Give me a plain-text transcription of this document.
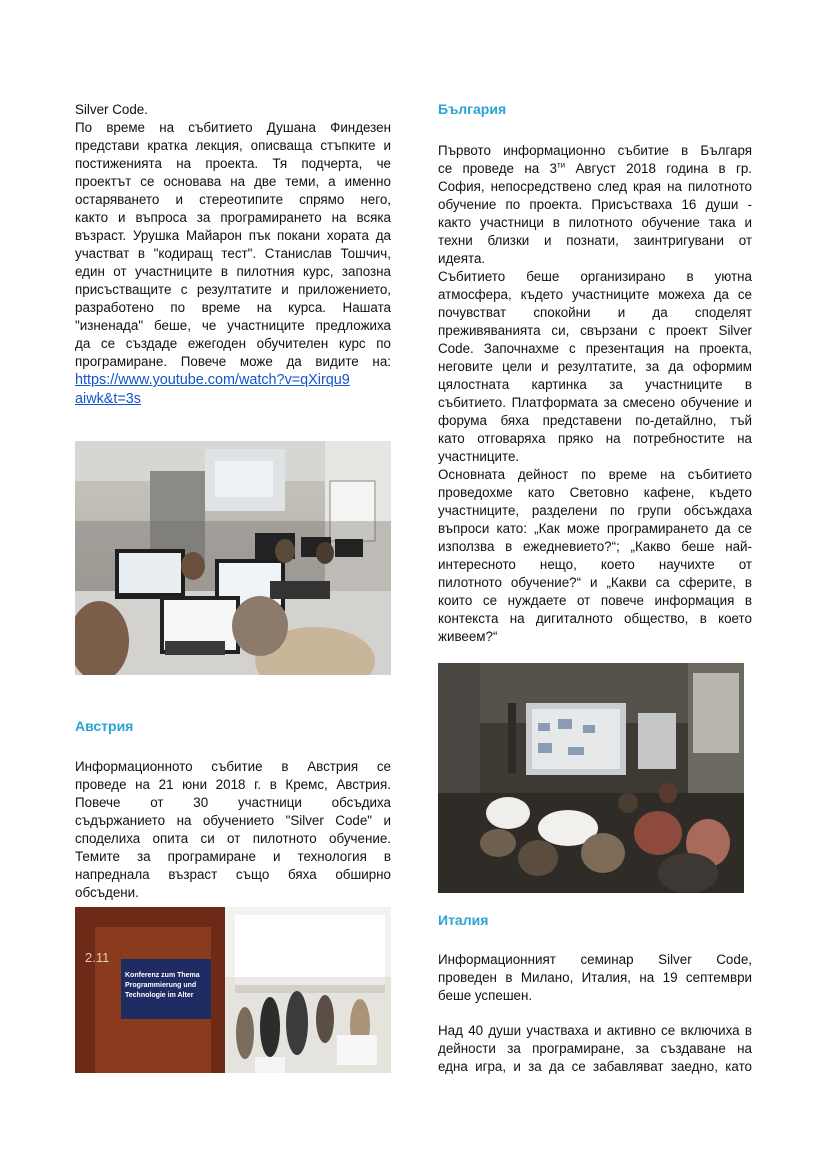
Silver Code.
По време на събитието Душана Финдезен
представи кратка лекция, описваща стъпките и
постиженията на проекта. Тя подчерта, че
проектът се основава на две теми, а именно
остаряването и стереотипите спрямо него,
както и въпроса за програмирането на всяка
възраст. Урушка Майарон пък покани хората да
участват в "кодиращ тест". Станислав Тошчич,
един от участниците в пилотния курс, запозна
присъстващите с резултатите и приложението,
разработено по време на курса. Нашата
"изненада" беше, че участниците предложиха
да се създаде ежегоден обучителен курс по
програмиране. Повече може да видите на:
https://www.youtube.com/watch?v=qXirqu9
aiwk&t=3s
Австрия
Информационното събитие в Австрия се
проведе на 21 юни 2018 г. в Кремс, Австрия.
Повече от 30 участници обсъдиха
съдържанието на обучението "Silver Code" и
споделиха опита си от пилотното обучение.
Темите за програмиране и технология в
напреднала възраст също бяха обширно
обсъдени.
2.11
Konferenz zum Thema
Programmierung und
Technologie im Alter
България
Първото информационно събитие в Българя
се проведе на $3^{ти}$ Август 2018 година в гр.
София, непосредствено след края на пилотното
обучение по проекта. Присъстваха 16 души -
както участници в пилотното обучение така и
техни близки и познати, заинтригувани от
идеята.
Събитието беше организирано в уютна
атмосфера, където участниците можеха да се
почувстват спокойни и да споделят
преживяванията си, свързани с проект Silver
Code. Започнахме с презентация на проекта,
неговите цели и резултатите, за да оформим
цялостната картинка за участниците в
събитието. Платформата за смесено обучение и
форума бяха представени по-детайлно, тъй
като отговаряха пряко на потребностите на
участниците.
Основната дейност по време на събитието
проведохме като Световно кафене, където
участниците, разделени по групи обсъждаха
въпроси като: „Как може програмирането да се
използва в ежедневието?“; „Какво беше най-
интересното нещо, което научихте от
пилотното обучение?“ и „Какви са сферите, в
които се нуждаете от повече информация в
контекста на дигиталното общество, в което
живеем?“
Италия
Информационният семинар Silver Code,
проведен в Милано, Италия, на 19 септември
беше успешен.
Над 40 души участваха и активно се включиха в
дейности за програмиране, за създаване на
една игра, и за да се забавляват заедно, като
